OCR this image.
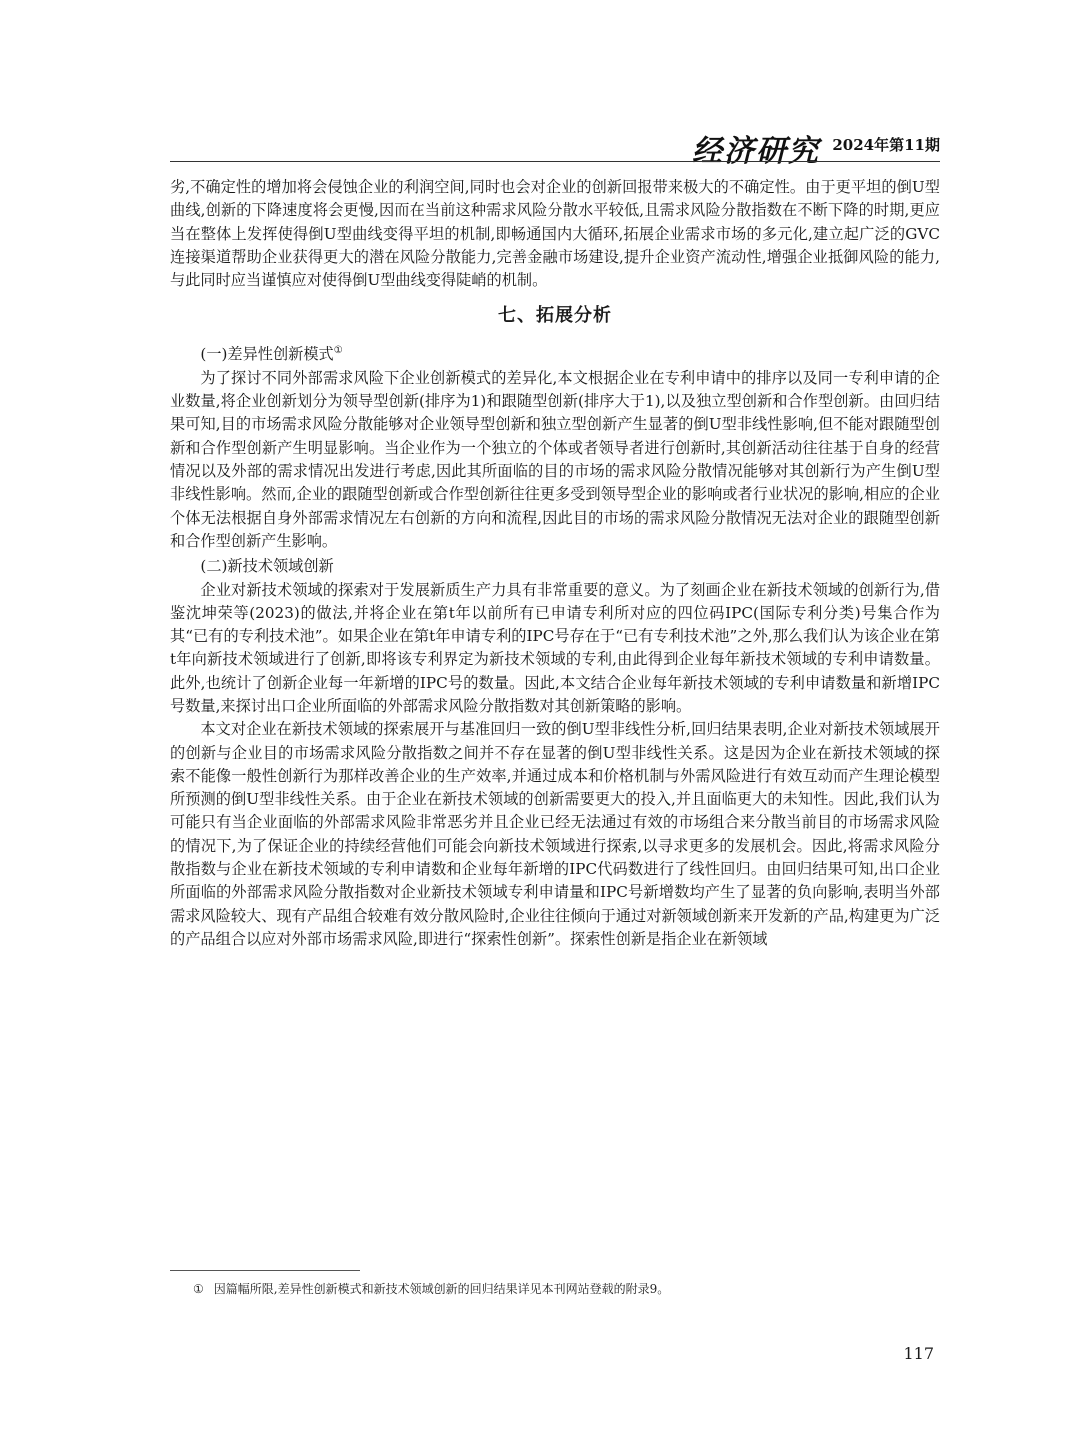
经济研究 2024年第11期

劣,不确定性的增加将会侵蚀企业的利润空间,同时也会对企业的创新回报带来极大的不确定性。由于更平坦的倒U型曲线,创新的下降速度将会更慢,因而在当前这种需求风险分散水平较低,且需求风险分散指数在不断下降的时期,更应当在整体上发挥使得倒U型曲线变得平坦的机制,即畅通国内大循环,拓展企业需求市场的多元化,建立起广泛的GVC连接渠道帮助企业获得更大的潜在风险分散能力,完善金融市场建设,提升企业资产流动性,增强企业抵御风险的能力,与此同时应当谨慎应对使得倒U型曲线变得陡峭的机制。

七、拓展分析
(一)差异性创新模式①

为了探讨不同外部需求风险下企业创新模式的差异化,本文根据企业在专利申请中的排序以及同一专利申请的企业数量,将企业创新划分为领导型创新(排序为1)和跟随型创新(排序大于1),以及独立型创新和合作型创新。由回归结果可知,目的市场需求风险分散能够对企业领导型创新和独立型创新产生显著的倒U型非线性影响,但不能对跟随型创新和合作型创新产生明显影响。当企业作为一个独立的个体或者领导者进行创新时,其创新活动往往基于自身的经营情况以及外部的需求情况出发进行考虑,因此其所面临的目的市场的需求风险分散情况能够对其创新行为产生倒U型非线性影响。然而,企业的跟随型创新或合作型创新往往更多受到领导型企业的影响或者行业状况的影响,相应的企业个体无法根据自身外部需求情况左右创新的方向和流程,因此目的市场的需求风险分散情况无法对企业的跟随型创新和合作型创新产生影响。

(二)新技术领域创新

企业对新技术领域的探索对于发展新质生产力具有非常重要的意义。为了刻画企业在新技术领域的创新行为,借鉴沈坤荣等(2023)的做法,并将企业在第t年以前所有已申请专利所对应的四位码IPC(国际专利分类)号集合作为其“已有的专利技术池”。如果企业在第t年申请专利的IPC号存在于“已有专利技术池”之外,那么我们认为该企业在第t年向新技术领域进行了创新,即将该专利界定为新技术领域的专利,由此得到企业每年新技术领域的专利申请数量。此外,也统计了创新企业每一年新增的IPC号的数量。因此,本文结合企业每年新技术领域的专利申请数量和新增IPC号数量,来探讨出口企业所面临的外部需求风险分散指数对其创新策略的影响。

本文对企业在新技术领域的探索展开与基准回归一致的倒U型非线性分析,回归结果表明,企业对新技术领域展开的创新与企业目的市场需求风险分散指数之间并不存在显著的倒U型非线性关系。这是因为企业在新技术领域的探索不能像一般性创新行为那样改善企业的生产效率,并通过成本和价格机制与外需风险进行有效互动而产生理论模型所预测的倒U型非线性关系。由于企业在新技术领域的创新需要更大的投入,并且面临更大的未知性。因此,我们认为可能只有当企业面临的外部需求风险非常恶劣并且企业已经无法通过有效的市场组合来分散当前目的市场需求风险的情况下,为了保证企业的持续经营他们可能会向新技术领域进行探索,以寻求更多的发展机会。因此,将需求风险分散指数与企业在新技术领域的专利申请数和企业每年新增的IPC代码数进行了线性回归。由回归结果可知,出口企业所面临的外部需求风险分散指数对企业新技术领域专利申请量和IPC号新增数均产生了显著的负向影响,表明当外部需求风险较大、现有产品组合较难有效分散风险时,企业往往倾向于通过对新领域创新来开发新的产品,构建更为广泛的产品组合以应对外部市场需求风险,即进行“探索性创新”。探索性创新是指企业在新领域

① 因篇幅所限,差异性创新模式和新技术领域创新的回归结果详见本刊网站登载的附录9。
117
